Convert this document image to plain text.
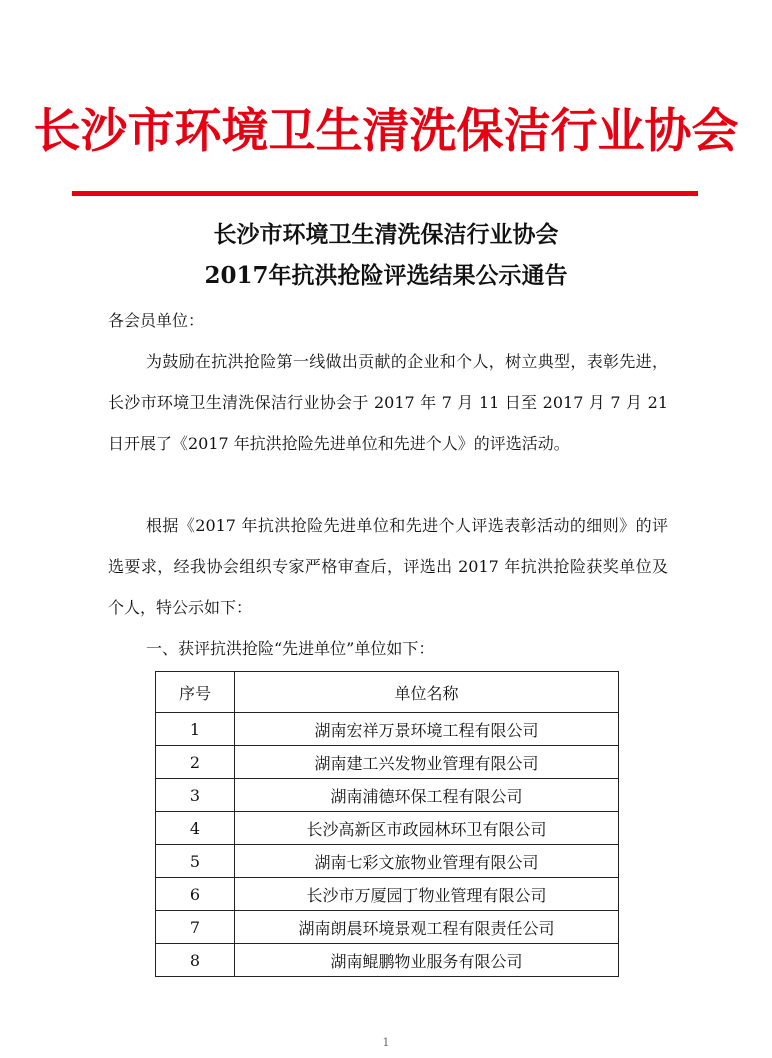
长沙市环境卫生清洗保洁行业协会
长沙市环境卫生清洗保洁行业协会
2017年抗洪抢险评选结果公示通告
各会员单位：
为鼓励在抗洪抢险第一线做出贡献的企业和个人，树立典型，表彰先进，长沙市环境卫生清洗保洁行业协会于 2017 年 7 月 11 日至 2017 月 7 月 21 日开展了《2017 年抗洪抢险先进单位和先进个人》的评选活动。
根据《2017 年抗洪抢险先进单位和先进个人评选表彰活动的细则》的评选要求，经我协会组织专家严格审查后，评选出 2017 年抗洪抢险获奖单位及个人，特公示如下：
一、获评抗洪抢险“先进单位”单位如下：
序号	单位名称
1	湖南宏祥万景环境工程有限公司
2	湖南建工兴发物业管理有限公司
3	湖南浦德环保工程有限公司
4	长沙高新区市政园林环卫有限公司
5	湖南七彩文旅物业管理有限公司
6	长沙市万厦园丁物业管理有限公司
7	湖南朗晨环境景观工程有限责任公司
8	湖南鲲鹏物业服务有限公司
1
